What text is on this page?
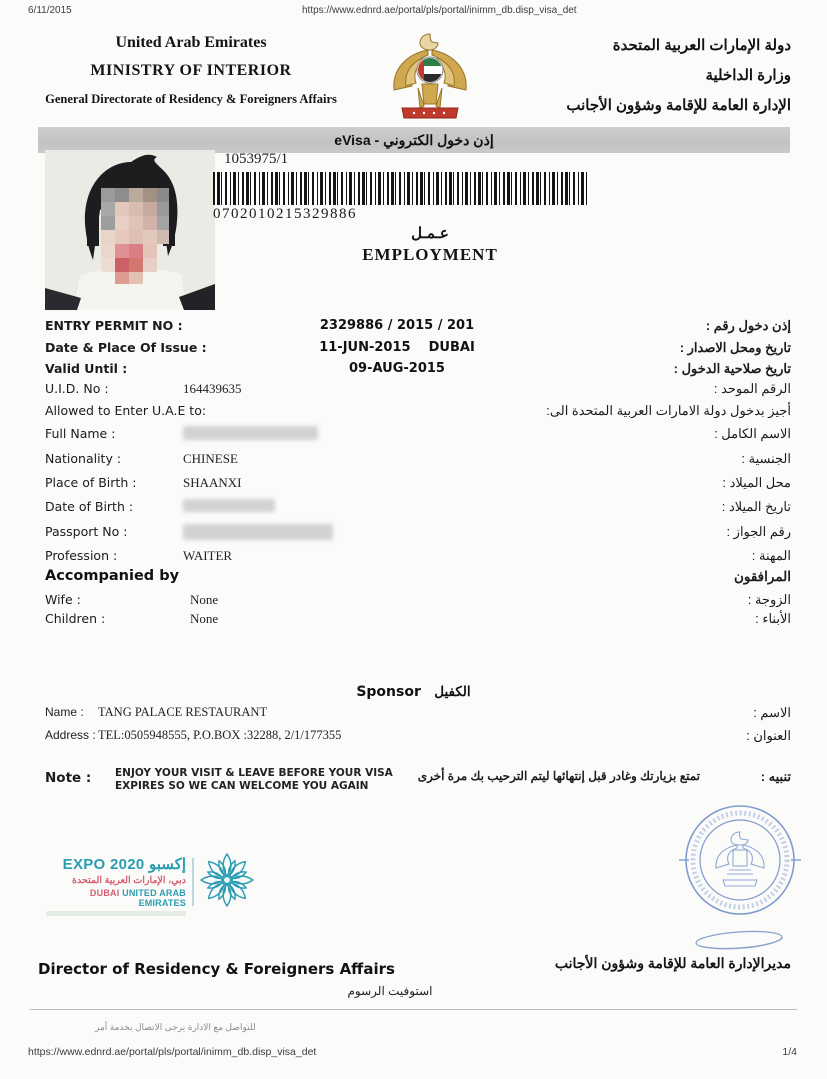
6/11/2015	https://www.ednrd.ae/portal/pls/portal/inimm_db.disp_visa_det
United Arab Emirates
MINISTRY OF INTERIOR
General Directorate of Residency & Foreigners Affairs
دولة الإمارات العربية المتحدة
وزارة الداخلية
الإدارة العامة للإقامة وشؤون الأجانب
إذن دخول الكتروني - eVisa
1053975/1
0702010215329886
عـمـل
EMPLOYMENT
ENTRY PERMIT NO :	2329886 / 2015 / 201	إذن دخول رقم :
Date & Place Of Issue :	11-JUN-2015    DUBAI	تاريخ ومحل الاصدار :
Valid Until :	09-AUG-2015	تاريخ صلاحية الدخول :
U.I.D. No :	164439635	الرقم الموحد :
Allowed to Enter U.A.E to:	أجيز بدخول دولة الامارات العربية المتحدة الى:
Full Name :	الاسم الكامل :
Nationality :	CHINESE	الجنسية :
Place of Birth :	SHAANXI	محل الميلاد :
Date of Birth :	تاريخ الميلاد :
Passport No :	رقم الجواز :
Profession :	WAITER	المهنة :
Accompanied by	المرافقون
Wife :	None	الزوجة :
Children :	None	الأبناء :
Sponsor الكفيل
Name : TANG PALACE RESTAURANT	الاسم :
Address : TEL:0505948555, P.O.BOX :32288, 2/1/177355	العنوان :
Note : ENJOY YOUR VISIT & LEAVE BEFORE YOUR VISA
EXPIRES SO WE CAN WELCOME YOU AGAIN
تمتع بزيارتك وغادر قبل إنتهائها ليتم الترحيب بك مرة أخرى	تنبيه :
EXPO 2020 إكسبو
دبي، الإمارات العربية المتحدة
DUBAI UNITED ARAB EMIRATES
Director of Residency & Foreigners Affairs	مديرالإدارة العامة للإقامة وشؤون الأجانب
استوفيت الرسوم
للتواصل مع الادارة يرجى الاتصال بخدمة أمر
https://www.ednrd.ae/portal/pls/portal/inimm_db.disp_visa_det	1/4
